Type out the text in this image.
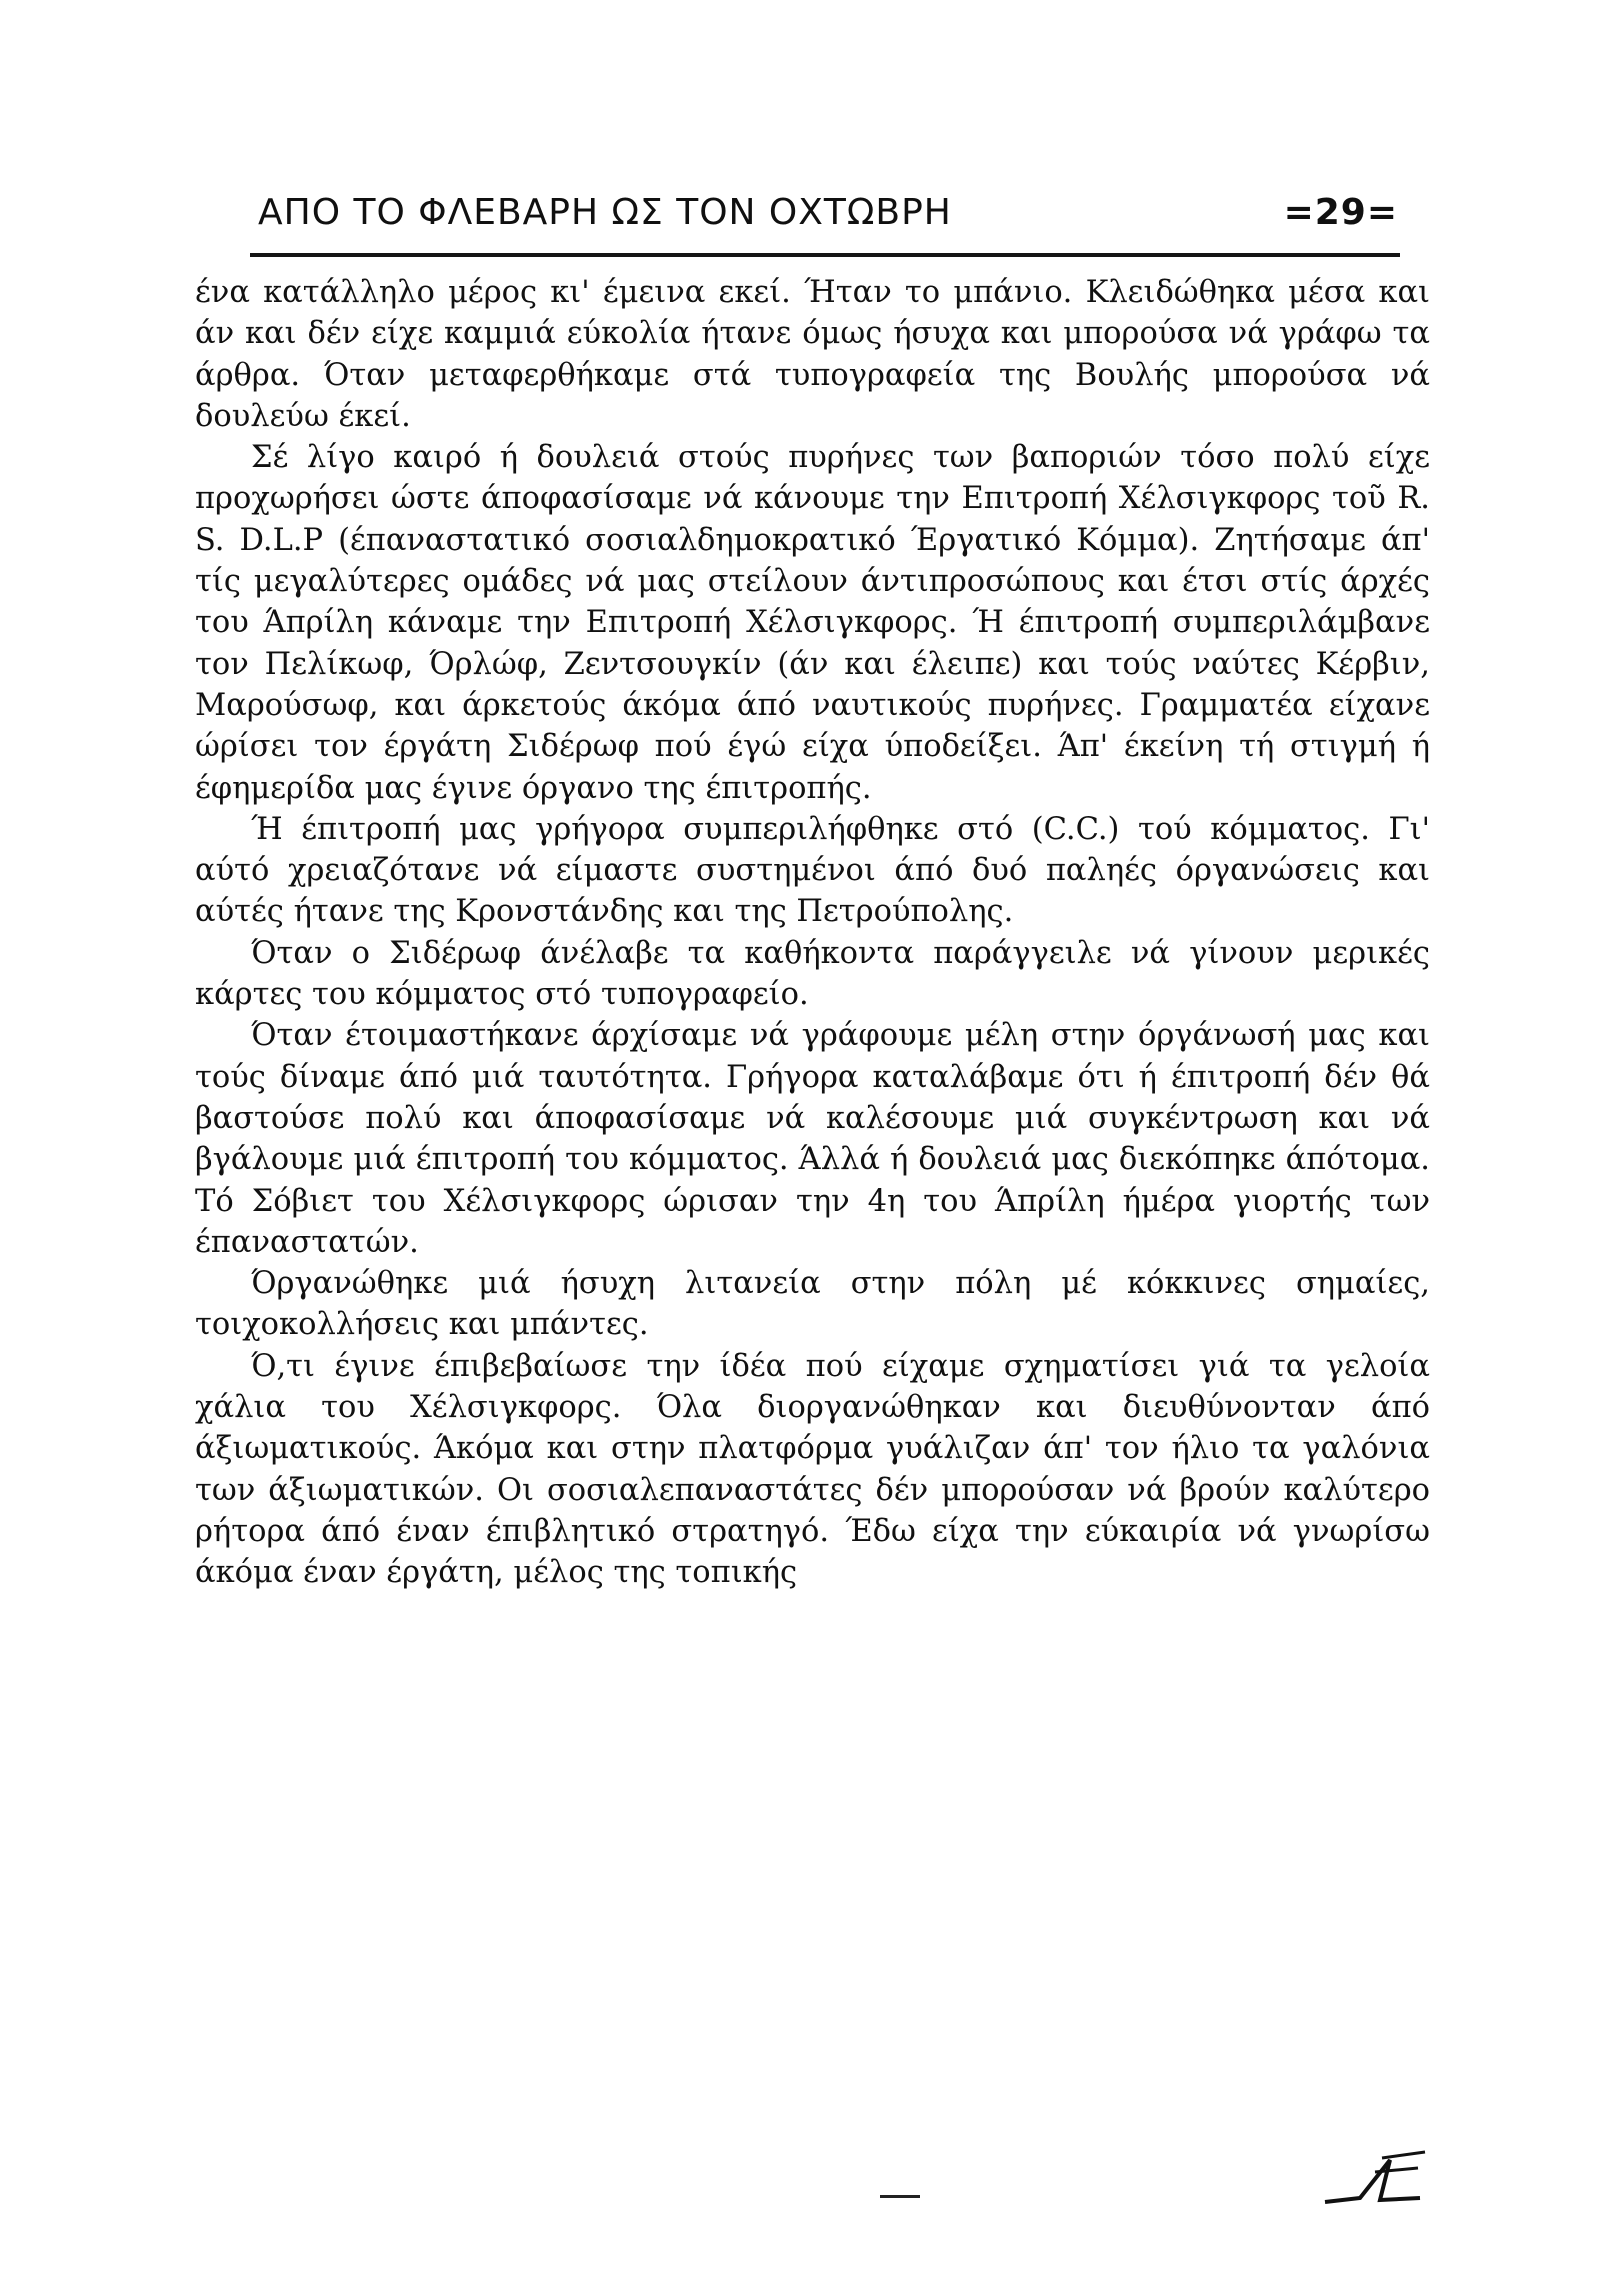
ΑΠΟ ΤΟ ΦΛΕΒΑΡΗ ΩΣ ΤΟΝ ΟΧΤΩΒΡΗ	=29=

ένα κατάλληλο μέρος κι' έμεινα εκεί. Ήταν το μπάνιο. Κλειδώθηκα μέσα και άν και δέν είχε καμμιά εύκολία ήτανε όμως ήσυχα και μπορούσα νά γράφω τα άρθρα. Όταν μεταφερθήκαμε στά τυπογραφεία της Βουλής μπορούσα νά δουλεύω έκεί.

Σέ λίγο καιρό ή δουλειά στούς πυρήνες των βαποριών τόσο πολύ είχε προχωρήσει ώστε άποφασίσαμε νά κάνουμε την Επιτροπή Χέλσιγκφορς τοῦ R. S. D.L.P (έπαναστατικό σοσιαλδημοκρατικό Έργατικό Κόμμα). Ζητήσαμε άπ' τίς μεγαλύτερες ομάδες νά μας στείλουν άντιπροσώπους και έτσι στίς άρχές του Άπρίλη κάναμε την Επιτροπή Χέλσιγκφορς. Ή έπιτροπή συμπεριλάμβανε τον Πελίκωφ, Όρλώφ, Ζεντσουγκίν (άν και έλειπε) και τούς ναύτες Κέρβιν, Μαρούσωφ, και άρκετούς άκόμα άπό ναυτικούς πυρήνες. Γραμματέα είχανε ώρίσει τον έργάτη Σιδέρωφ πού έγώ είχα ύποδείξει. Άπ' έκείνη τή στιγμή ή έφημερίδα μας έγινε όργανο της έπιτροπής.

Ή έπιτροπή μας γρήγορα συμπεριλήφθηκε στό (C.C.) τού κόμματος. Γι' αύτό χρειαζότανε νά είμαστε συστημένοι άπό δυό παληές όργανώσεις και αύτές ήτανε της Κρονστάνδης και της Πετρούπολης.

Όταν ο Σιδέρωφ άνέλαβε τα καθήκοντα παράγγειλε νά γίνουν μερικές κάρτες του κόμματος στό τυπογραφείο.

Όταν έτοιμαστήκανε άρχίσαμε νά γράφουμε μέλη στην όργάνωσή μας και τούς δίναμε άπό μιά ταυτότητα. Γρήγορα καταλάβαμε ότι ή έπιτροπή δέν θά βαστούσε πολύ και άποφασίσαμε νά καλέσουμε μιά συγκέντρωση και νά βγάλουμε μιά έπιτροπή του κόμματος. Άλλά ή δουλειά μας διεκόπηκε άπότομα. Τό Σόβιετ του Χέλσιγκφορς ώρισαν την 4η του Άπρίλη ήμέρα γιορτής των έπαναστατών.

Όργανώθηκε μιά ήσυχη λιτανεία στην πόλη μέ κόκκινες σημαίες, τοιχοκολλήσεις και μπάντες.

Ό,τι έγινε έπιβεβαίωσε την ίδέα πού είχαμε σχηματίσει γιά τα γελοία χάλια του Χέλσιγκφορς. Όλα διοργανώθηκαν και διευθύνονταν άπό άξιωματικούς. Άκόμα και στην πλατφόρμα γυάλιζαν άπ' τον ήλιο τα γαλόνια των άξιωματικών. Οι σοσιαλεπαναστάτες δέν μπορούσαν νά βρούν καλύτερο ρήτορα άπό έναν έπιβλητικό στρατηγό. Έδω είχα την εύκαιρία νά γνωρίσω άκόμα έναν έργάτη, μέλος της τοπικής
